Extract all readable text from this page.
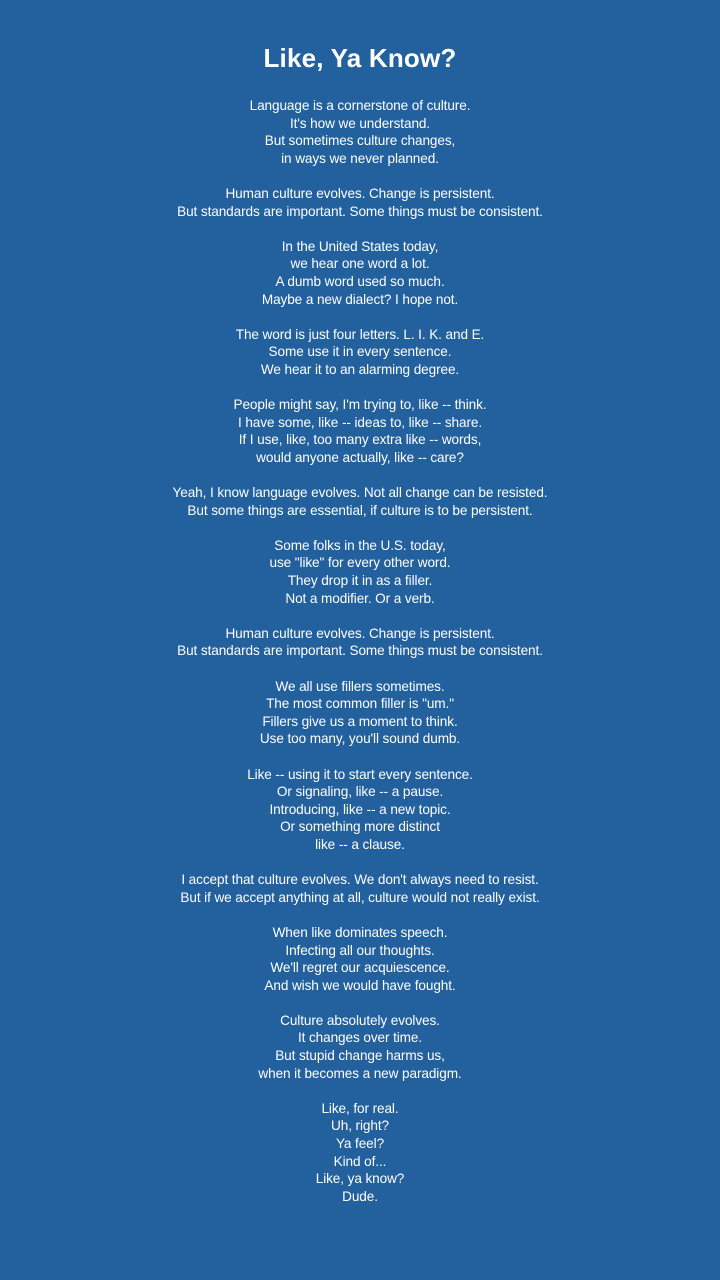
Like, Ya Know?
Language is a cornerstone of culture.
It's how we understand.
But sometimes culture changes,
in ways we never planned.
Human culture evolves. Change is persistent.
But standards are important. Some things must be consistent.
In the United States today,
we hear one word a lot.
A dumb word used so much.
Maybe a new dialect? I hope not.
The word is just four letters. L. I. K. and E.
Some use it in every sentence.
We hear it to an alarming degree.
People might say, I'm trying to, like -- think.
I have some, like -- ideas to, like -- share.
If I use, like, too many extra like -- words,
would anyone actually, like -- care?
Yeah, I know language evolves. Not all change can be resisted.
But some things are essential, if culture is to be persistent.
Some folks in the U.S. today,
use "like" for every other word.
They drop it in as a filler.
Not a modifier. Or a verb.
Human culture evolves. Change is persistent.
But standards are important. Some things must be consistent.
We all use fillers sometimes.
The most common filler is "um."
Fillers give us a moment to think.
Use too many, you'll sound dumb.
Like -- using it to start every sentence.
Or signaling, like -- a pause.
Introducing, like -- a new topic.
Or something more distinct
like -- a clause.
I accept that culture evolves. We don't always need to resist.
But if we accept anything at all, culture would not really exist.
When like dominates speech.
Infecting all our thoughts.
We'll regret our acquiescence.
And wish we would have fought.
Culture absolutely evolves.
It changes over time.
But stupid change harms us,
when it becomes a new paradigm.
Like, for real.
Uh, right?
Ya feel?
Kind of...
Like, ya know?
Dude.
